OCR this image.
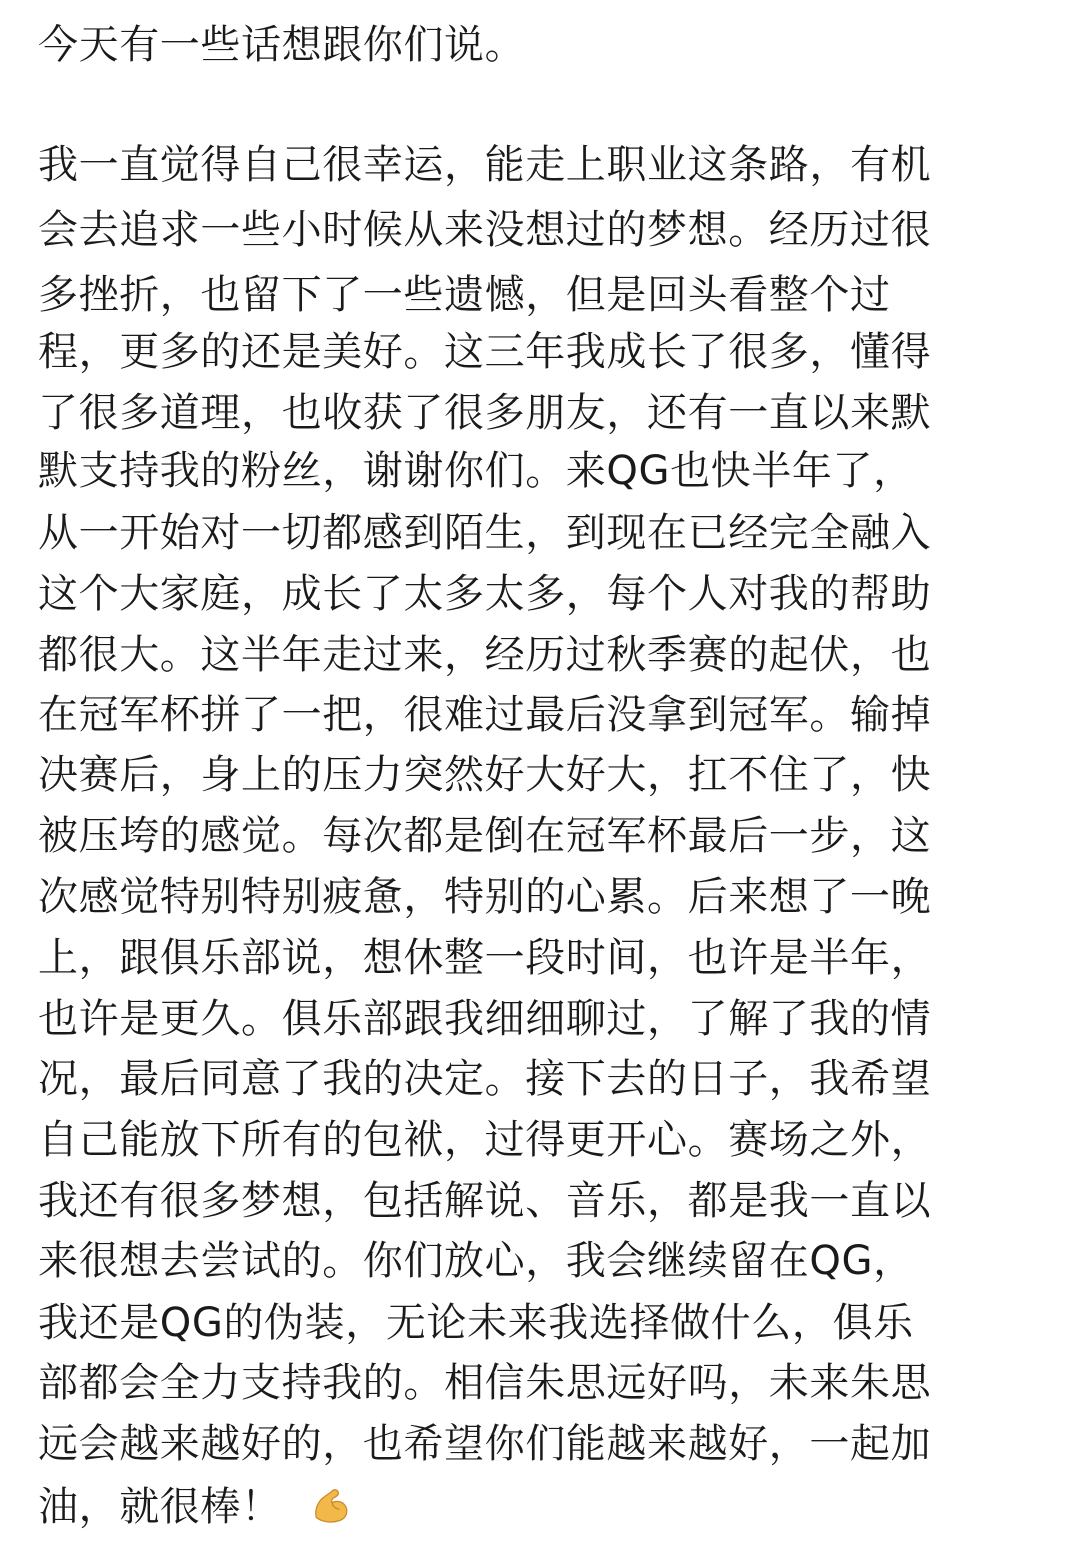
今天有一些话想跟你们说。
我一直觉得自己很幸运，能走上职业这条路，有机
会去追求一些小时候从来没想过的梦想。经历过很
多挫折，也留下了一些遗憾，但是回头看整个过
程，更多的还是美好。这三年我成长了很多，懂得
了很多道理，也收获了很多朋友，还有一直以来默
默支持我的粉丝，谢谢你们。来QG也快半年了，
从一开始对一切都感到陌生，到现在已经完全融入
这个大家庭，成长了太多太多，每个人对我的帮助
都很大。这半年走过来，经历过秋季赛的起伏，也
在冠军杯拼了一把，很难过最后没拿到冠军。输掉
决赛后，身上的压力突然好大好大，扛不住了，快
被压垮的感觉。每次都是倒在冠军杯最后一步，这
次感觉特别特别疲惫，特别的心累。后来想了一晚
上，跟俱乐部说，想休整一段时间，也许是半年，
也许是更久。俱乐部跟我细细聊过，了解了我的情
况，最后同意了我的决定。接下去的日子，我希望
自己能放下所有的包袱，过得更开心。赛场之外，
我还有很多梦想，包括解说、音乐，都是我一直以
来很想去尝试的。你们放心，我会继续留在QG，
我还是QG的伪装，无论未来我选择做什么，俱乐
部都会全力支持我的。相信朱思远好吗，未来朱思
远会越来越好的，也希望你们能越来越好，一起加
油，就很棒！
